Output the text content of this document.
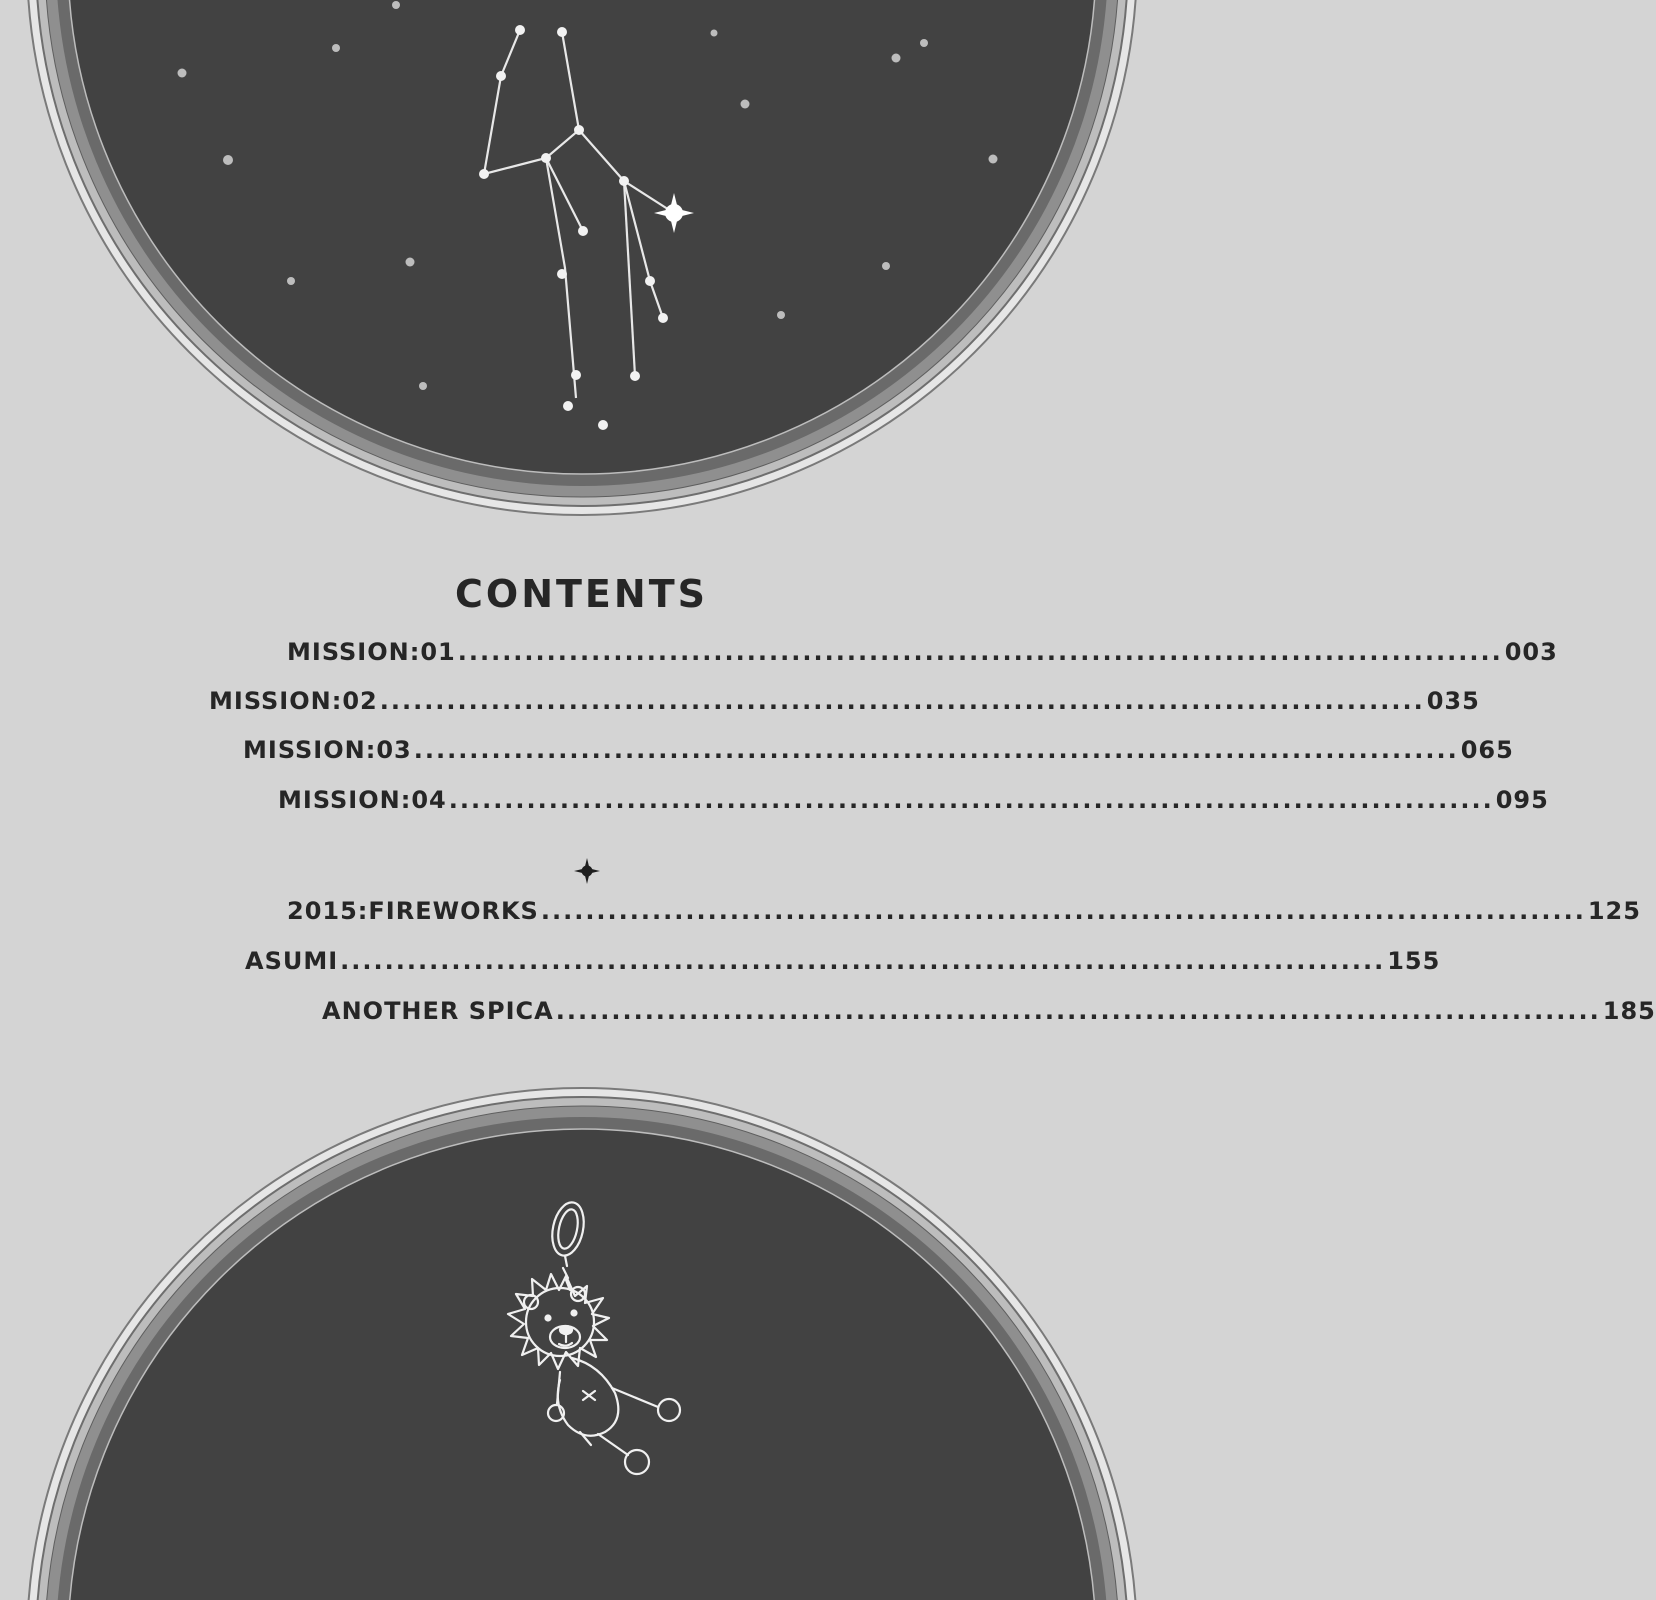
CONTENTS
MISSION:01 .............................................................................................. 003
MISSION:02 .............................................................................................. 035
MISSION:03 .............................................................................................. 065
MISSION:04 .............................................................................................. 095
2015:FIREWORKS .............................................................................................. 125
ASUMI .............................................................................................. 155
ANOTHER SPICA .............................................................................................. 185
